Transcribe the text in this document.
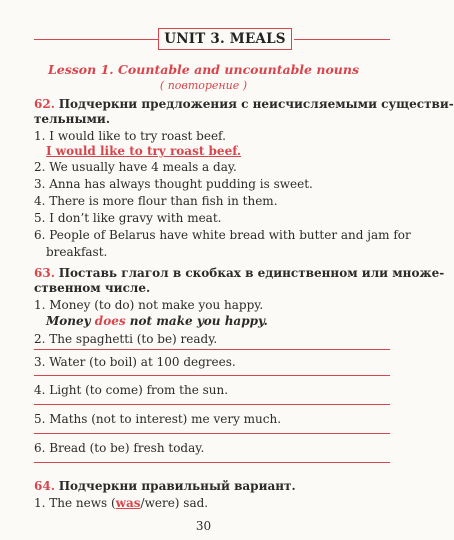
UNIT 3. MEALS
Lesson 1. Countable and uncountable nouns
( повторение )
62. Подчеркни предложения с неисчисляемыми существи-
тельными.
1. I would like to try roast beef.
I would like to try roast beef.
2. We usually have 4 meals a day.
3. Anna has always thought pudding is sweet.
4. There is more flour than fish in them.
5. I don’t like gravy with meat.
6. People of Belarus have white bread with butter and jam for
breakfast.
63. Поставь глагол в скобках в единственном или множе-
ственном числе.
1. Money (to do) not make you happy.
Money does not make you happy.
2. The spaghetti (to be) ready.
3. Water (to boil) at 100 degrees.
4. Light (to come) from the sun.
5. Maths (not to interest) me very much.
6. Bread (to be) fresh today.
64. Подчеркни правильный вариант.
1. The news (was/were) sad.
30
